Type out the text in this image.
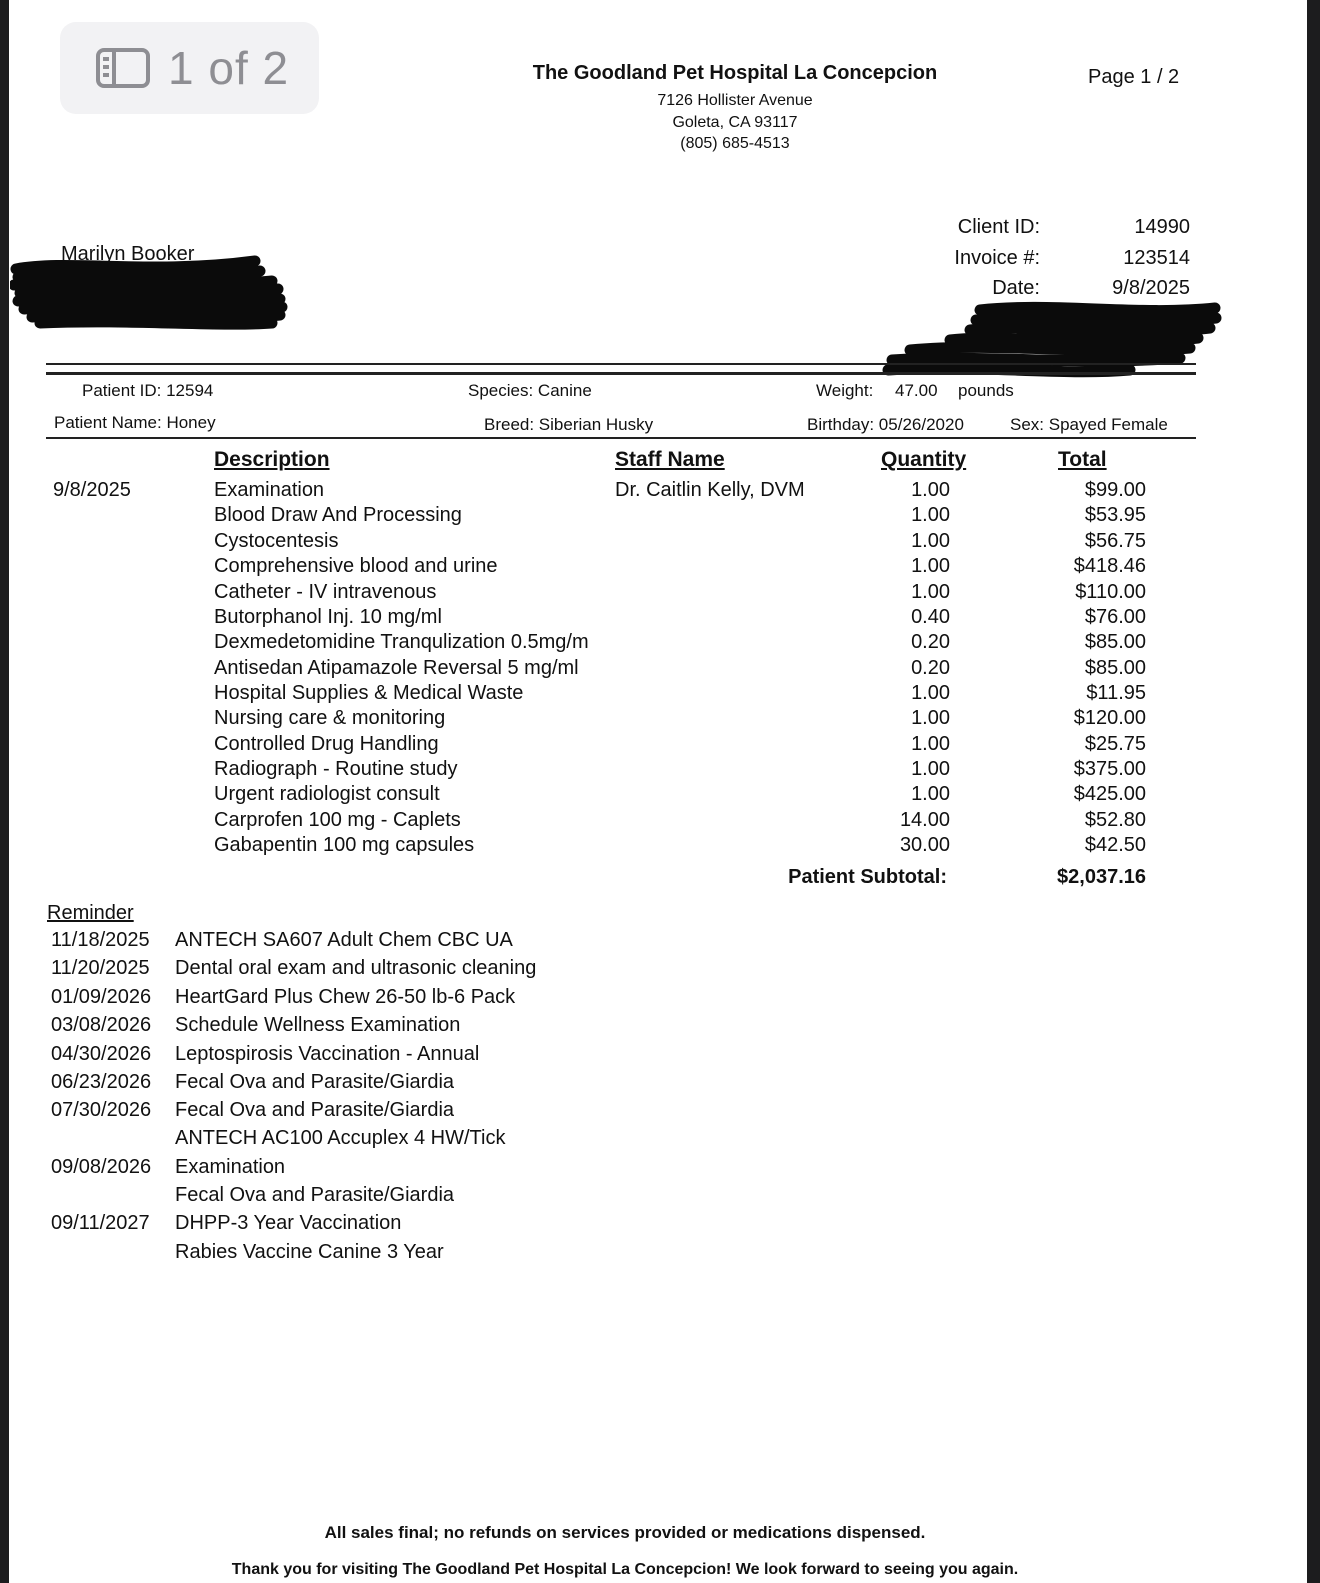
1 of 2	The Goodland Pet Hospital La Concepcion
7126 Hollister Avenue
Goleta, CA 93117
(805) 685-4513
Page 1 / 2
Client ID:	14990
Invoice #:	123514
Date:	9/8/2025
Marilyn Booker
Patient ID: 12594	Species: Canine	Weight: 47.00 pounds
Patient Name: Honey	Breed: Siberian Husky	Birthday: 05/26/2020	Sex: Spayed Female
Description	Staff Name	Quantity	Total
9/8/2025	Examination	Dr. Caitlin Kelly, DVM	1.00	$99.00
Blood Draw And Processing	1.00	$53.95
Cystocentesis	1.00	$56.75
Comprehensive blood and urine	1.00	$418.46
Catheter - IV intravenous	1.00	$110.00
Butorphanol Inj. 10 mg/ml	0.40	$76.00
Dexmedetomidine Tranqulization 0.5mg/m	0.20	$85.00
Antisedan Atipamazole Reversal 5 mg/ml	0.20	$85.00
Hospital Supplies & Medical Waste	1.00	$11.95
Nursing care & monitoring	1.00	$120.00
Controlled Drug Handling	1.00	$25.75
Radiograph - Routine study	1.00	$375.00
Urgent radiologist consult	1.00	$425.00
Carprofen 100 mg - Caplets	14.00	$52.80
Gabapentin 100 mg capsules	30.00	$42.50
Patient Subtotal:	$2,037.16
Reminder
11/18/2025 ANTECH SA607 Adult Chem CBC UA
11/20/2025 Dental oral exam and ultrasonic cleaning
01/09/2026 HeartGard Plus Chew 26-50 lb-6 Pack
03/08/2026 Schedule Wellness Examination
04/30/2026 Leptospirosis Vaccination - Annual
06/23/2026 Fecal Ova and Parasite/Giardia
07/30/2026 Fecal Ova and Parasite/Giardia
ANTECH AC100 Accuplex 4 HW/Tick
09/08/2026 Examination
Fecal Ova and Parasite/Giardia
09/11/2027 DHPP-3 Year Vaccination
Rabies Vaccine Canine 3 Year
All sales final; no refunds on services provided or medications dispensed.
Thank you for visiting The Goodland Pet Hospital La Concepcion! We look forward to seeing you again.
